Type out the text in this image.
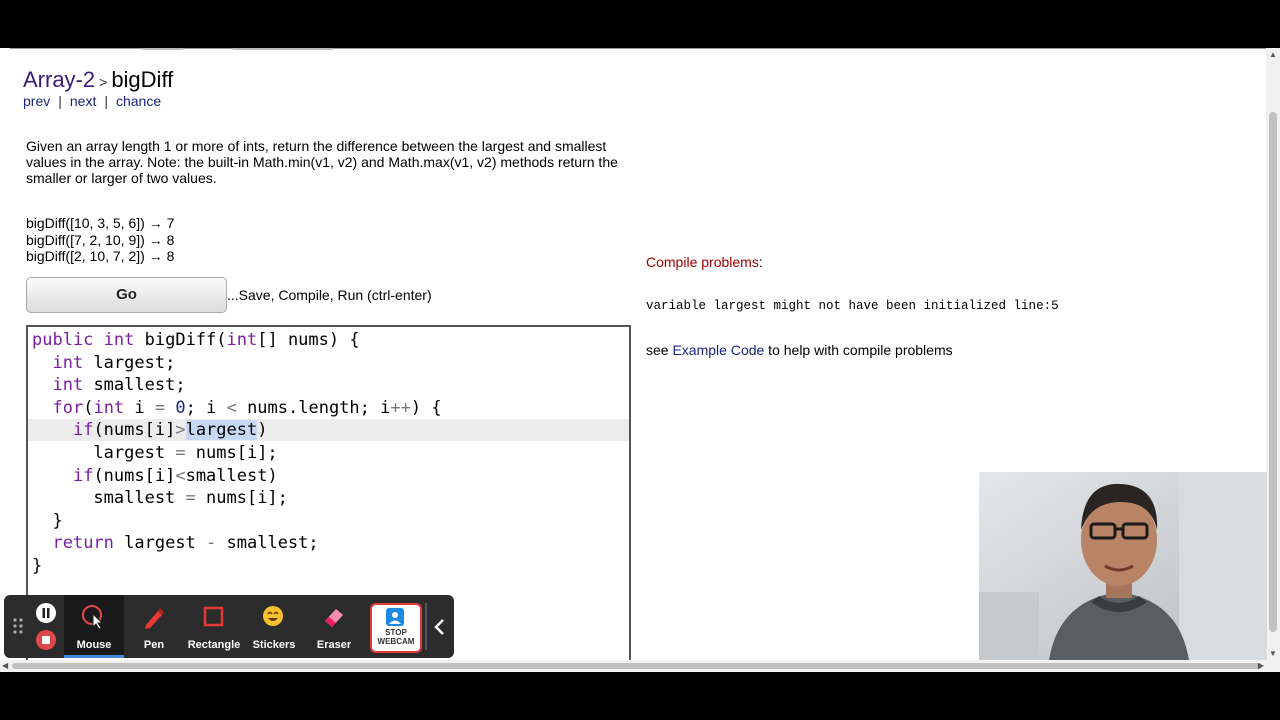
Array-2 > bigDiff
prev | next | chance
Given an array length 1 or more of ints, return the difference between the largest and smallest values in the array. Note: the built-in Math.min(v1, v2) and Math.max(v1, v2) methods return the smaller or larger of two values.
bigDiff([10, 3, 5, 6]) → 7
bigDiff([7, 2, 10, 9]) → 8
bigDiff([2, 10, 7, 2]) → 8
Go	...Save, Compile, Run (ctrl-enter)
public int bigDiff(int[] nums) {
int largest;
int smallest;
for(int i = 0; i < nums.length; i++) {
if(nums[i]>largest)
largest = nums[i];
if(nums[i]<smallest)
smallest = nums[i];
}
return largest - smallest;
}
Compile problems:
variable largest might not have been initialized line:5
see Example Code to help with compile problems
▲
▼
◀	▶
Mouse	Pen	Rectangle	Stickers	Eraser
STOP
WEBCAM
